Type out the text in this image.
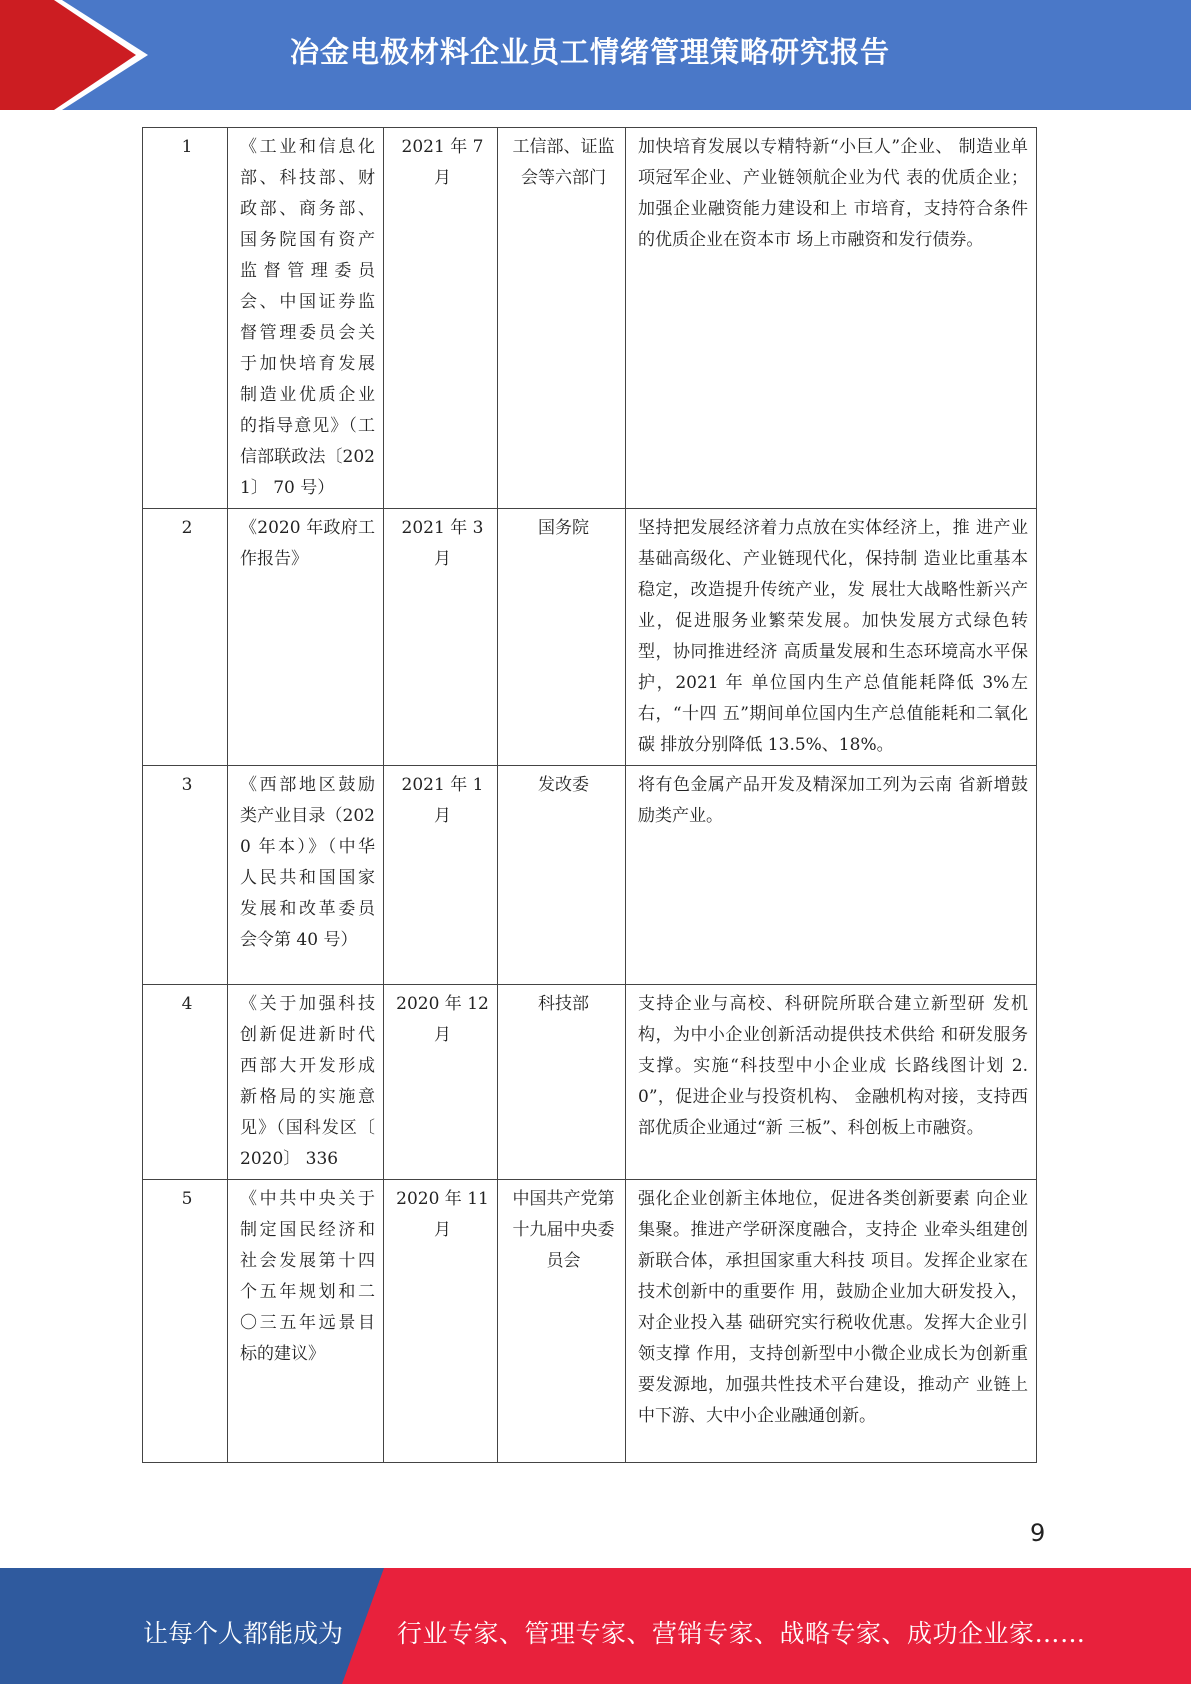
冶金电极材料企业员工情绪管理策略研究报告
1	《工业和信息化部、科技部、财政部、商务部、国务院国有资产监督管理委员会、中国证券监督管理委员会关于加快培育发展制造业优质企业的指导意见》（工信部联政法〔2021〕 70 号）	2021 年 7 月	工信部、证监会等六部门	加快培育发展以专精特新“小巨人”企业、 制造业单项冠军企业、产业链领航企业为代 表的优质企业；加强企业融资能力建设和上 市培育，支持符合条件的优质企业在资本市 场上市融资和发行债券。
2	《2020 年政府工作报告》	2021 年 3 月	国务院	坚持把发展经济着力点放在实体经济上，推 进产业基础高级化、产业链现代化，保持制 造业比重基本稳定，改造提升传统产业，发 展壮大战略性新兴产业，促进服务业繁荣发展。加快发展方式绿色转型，协同推进经济 高质量发展和生态环境高水平保护，2021 年 单位国内生产总值能耗降低 3%左右，“十四 五”期间单位国内生产总值能耗和二氧化碳 排放分别降低 13.5%、18%。
3	《西部地区鼓励类产业目录（2020 年本）》（中华人民共和国国家发展和改革委员会令第 40 号）	2021 年 1 月	发改委	将有色金属产品开发及精深加工列为云南 省新增鼓励类产业。
4	《关于加强科技创新促进新时代西部大开发形成新格局的实施意见》（国科发区〔 2020〕 336	2020 年 12 月	科技部	支持企业与高校、科研院所联合建立新型研 发机构，为中小企业创新活动提供技术供给 和研发服务支撑。实施“科技型中小企业成 长路线图计划 2.0”，促进企业与投资机构、 金融机构对接，支持西部优质企业通过“新 三板”、科创板上市融资。
5	《中共中央关于制定国民经济和社会发展第十四个五年规划和二〇三五年远景目标的建议》	2020 年 11 月	中国共产党第十九届中央委员会	强化企业创新主体地位，促进各类创新要素 向企业集聚。推进产学研深度融合，支持企 业牵头组建创新联合体，承担国家重大科技 项目。发挥企业家在技术创新中的重要作 用，鼓励企业加大研发投入，对企业投入基 础研究实行税收优惠。发挥大企业引领支撑 作用，支持创新型中小微企业成长为创新重 要发源地，加强共性技术平台建设，推动产 业链上中下游、大中小企业融通创新。
9
让每个人都能成为 行业专家、管理专家、营销专家、战略专家、成功企业家……
